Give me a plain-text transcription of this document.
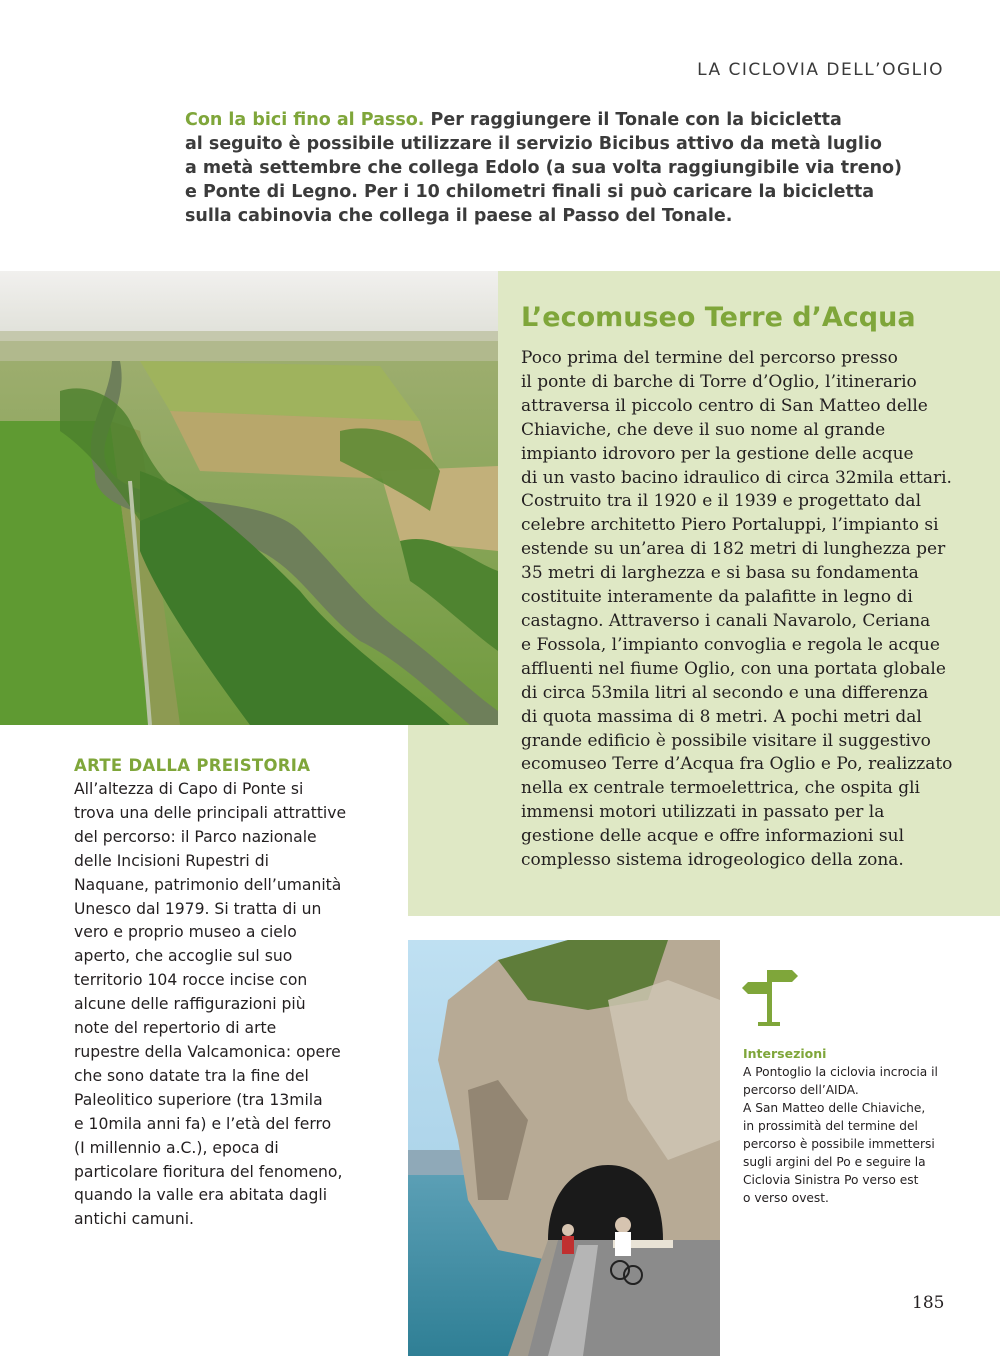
LA CICLOVIA DELL’OGLIO
Con la bici fino al Passo. Per raggiungere il Tonale con la bicicletta
al seguito è possibile utilizzare il servizio Bicibus attivo da metà luglio
a metà settembre che collega Edolo (a sua volta raggiungibile via treno)
e Ponte di Legno. Per i 10 chilometri finali si può caricare la bicicletta
sulla cabinovia che collega il paese al Passo del Tonale.
L’ecomuseo Terre d’Acqua
Poco prima del termine del percorso presso
il ponte di barche di Torre d’Oglio, l’itinerario
attraversa il piccolo centro di San Matteo delle
Chiaviche, che deve il suo nome al grande
impianto idrovoro per la gestione delle acque
di un vasto bacino idraulico di circa 32mila ettari.
Costruito tra il 1920 e il 1939 e progettato dal
celebre architetto Piero Portaluppi, l’impianto si
estende su un’area di 182 metri di lunghezza per
35 metri di larghezza e si basa su fondamenta
costituite interamente da palafitte in legno di
castagno. Attraverso i canali Navarolo, Ceriana
e Fossola, l’impianto convoglia e regola le acque
affluenti nel fiume Oglio, con una portata globale
di circa 53mila litri al secondo e una differenza
di quota massima di 8 metri. A pochi metri dal
grande edificio è possibile visitare il suggestivo
ecomuseo Terre d’Acqua fra Oglio e Po, realizzato
nella ex centrale termoelettrica, che ospita gli
immensi motori utilizzati in passato per la
gestione delle acque e offre informazioni sul
complesso sistema idrogeologico della zona.
ARTE DALLA PREISTORIA
All’altezza di Capo di Ponte si
trova una delle principali attrattive
del percorso: il Parco nazionale
delle Incisioni Rupestri di
Naquane, patrimonio dell’umanità
Unesco dal 1979. Si tratta di un
vero e proprio museo a cielo
aperto, che accoglie sul suo
territorio 104 rocce incise con
alcune delle raffigurazioni più
note del repertorio di arte
rupestre della Valcamonica: opere
che sono datate tra la fine del
Paleolitico superiore (tra 13mila
e 10mila anni fa) e l’età del ferro
(I millennio a.C.), epoca di
particolare fioritura del fenomeno,
quando la valle era abitata dagli
antichi camuni.
Intersezioni
A Pontoglio la ciclovia incrocia il
percorso dell’AIDA.
A San Matteo delle Chiaviche,
in prossimità del termine del
percorso è possibile immettersi
sugli argini del Po e seguire la
Ciclovia Sinistra Po verso est
o verso ovest.
185
